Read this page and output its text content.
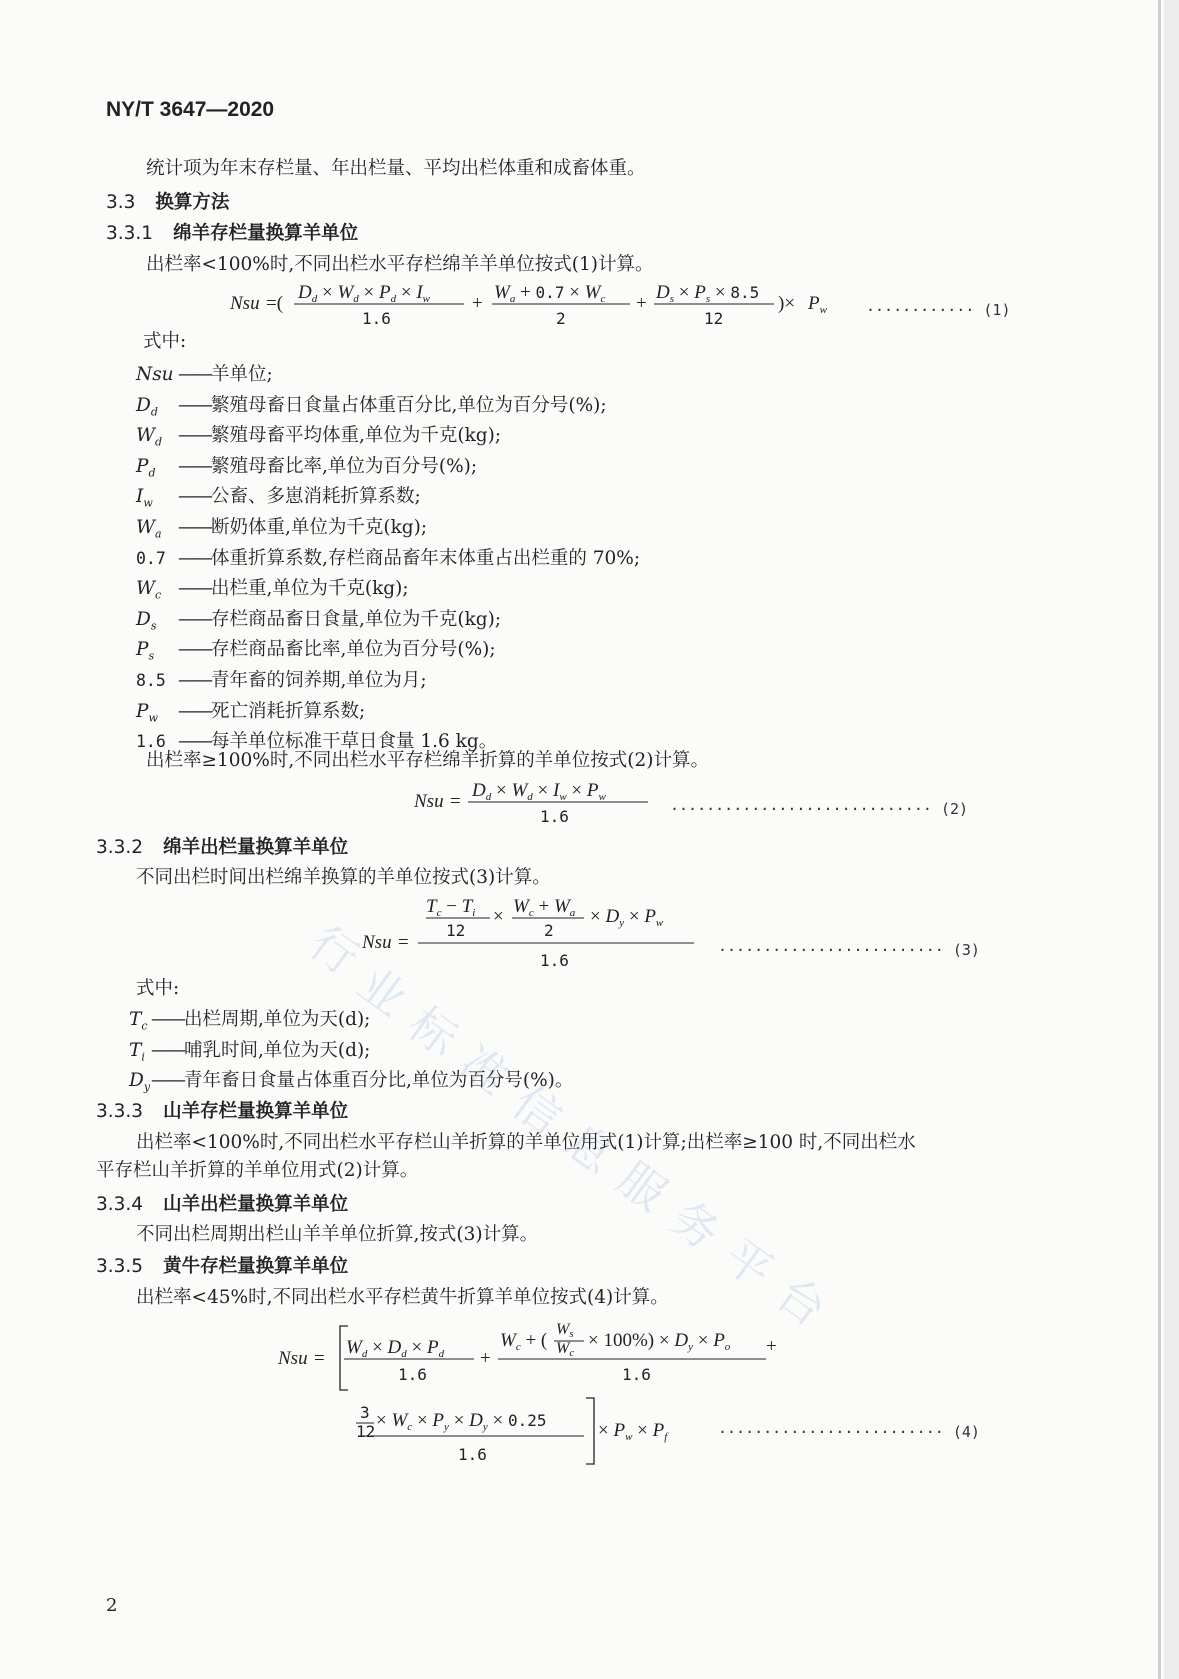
行
业
标
准
信
息
服
务
平
台
NY/T 3647—2020
统计项为年末存栏量、年出栏量、平均出栏体重和成畜体重。
3.3 换算方法
3.3.1 绵羊存栏量换算羊单位
出栏率<100%时,不同出栏水平存栏绵羊羊单位按式(1)计算。
Nsu =(
$D_d \times W_d \times P_d \times I_w$
1.6
+
$W_a + 0.7 \times W_c$
2
+
$D_s \times P_s \times 8.5$
12
)× $P_w$	············ (1)
式中:
Nsu ——羊单位;
$D_d$ ——繁殖母畜日食量占体重百分比,单位为百分号(%);
$W_d$ ——繁殖母畜平均体重,单位为千克(kg);
$P_d$ ——繁殖母畜比率,单位为百分号(%);
$I_w$ ——公畜、多崽消耗折算系数;
$W_a$ ——断奶体重,单位为千克(kg);
0.7 ——体重折算系数,存栏商品畜年末体重占出栏重的 70%;
$W_c$ ——出栏重,单位为千克(kg);
$D_s$ ——存栏商品畜日食量,单位为千克(kg);
$P_s$ ——存栏商品畜比率,单位为百分号(%);
8.5 ——青年畜的饲养期,单位为月;
$P_w$ ——死亡消耗折算系数;
1.6 ——每羊单位标准干草日食量 1.6 kg。
出栏率≥100%时,不同出栏水平存栏绵羊折算的羊单位按式(2)计算。
Nsu =
$D_d \times W_d \times I_w \times P_w$
1.6	····························· (2)
3.3.2 绵羊出栏量换算羊单位
不同出栏时间出栏绵羊换算的羊单位按式(3)计算。
Nsu =
$T_c - T_i$
12
× $W_c + W_a$
2
× $D_y \times P_w$
1.6
························· (3)
式中:
$T_c$ ——出栏周期,单位为天(d);
$T_i$ ——哺乳时间,单位为天(d);
$D_y——$青年畜日食量占体重百分比,单位为百分号(%)。
3.3.3 山羊存栏量换算羊单位
出栏率<100%时,不同出栏水平存栏山羊折算的羊单位用式(1)计算;出栏率≥100 时,不同出栏水
平存栏山羊折算的羊单位用式(2)计算。
3.3.4 山羊出栏量换算羊单位
不同出栏周期出栏山羊羊单位折算,按式(3)计算。
3.3.5 黄牛存栏量换算羊单位
出栏率<45%时,不同出栏水平存栏黄牛折算羊单位按式(4)计算。
Nsu =
$W_d \times D_d \times P_d$
1.6
+
$W_c$ + (
Ws
Wc
× $100\%) \times D_y \times P_o$ +
1.6
3
12
× $W_c \times P_y \times D_y \times 0.25$
1.6
× $P_w \times P_f$	························· (4)
2
